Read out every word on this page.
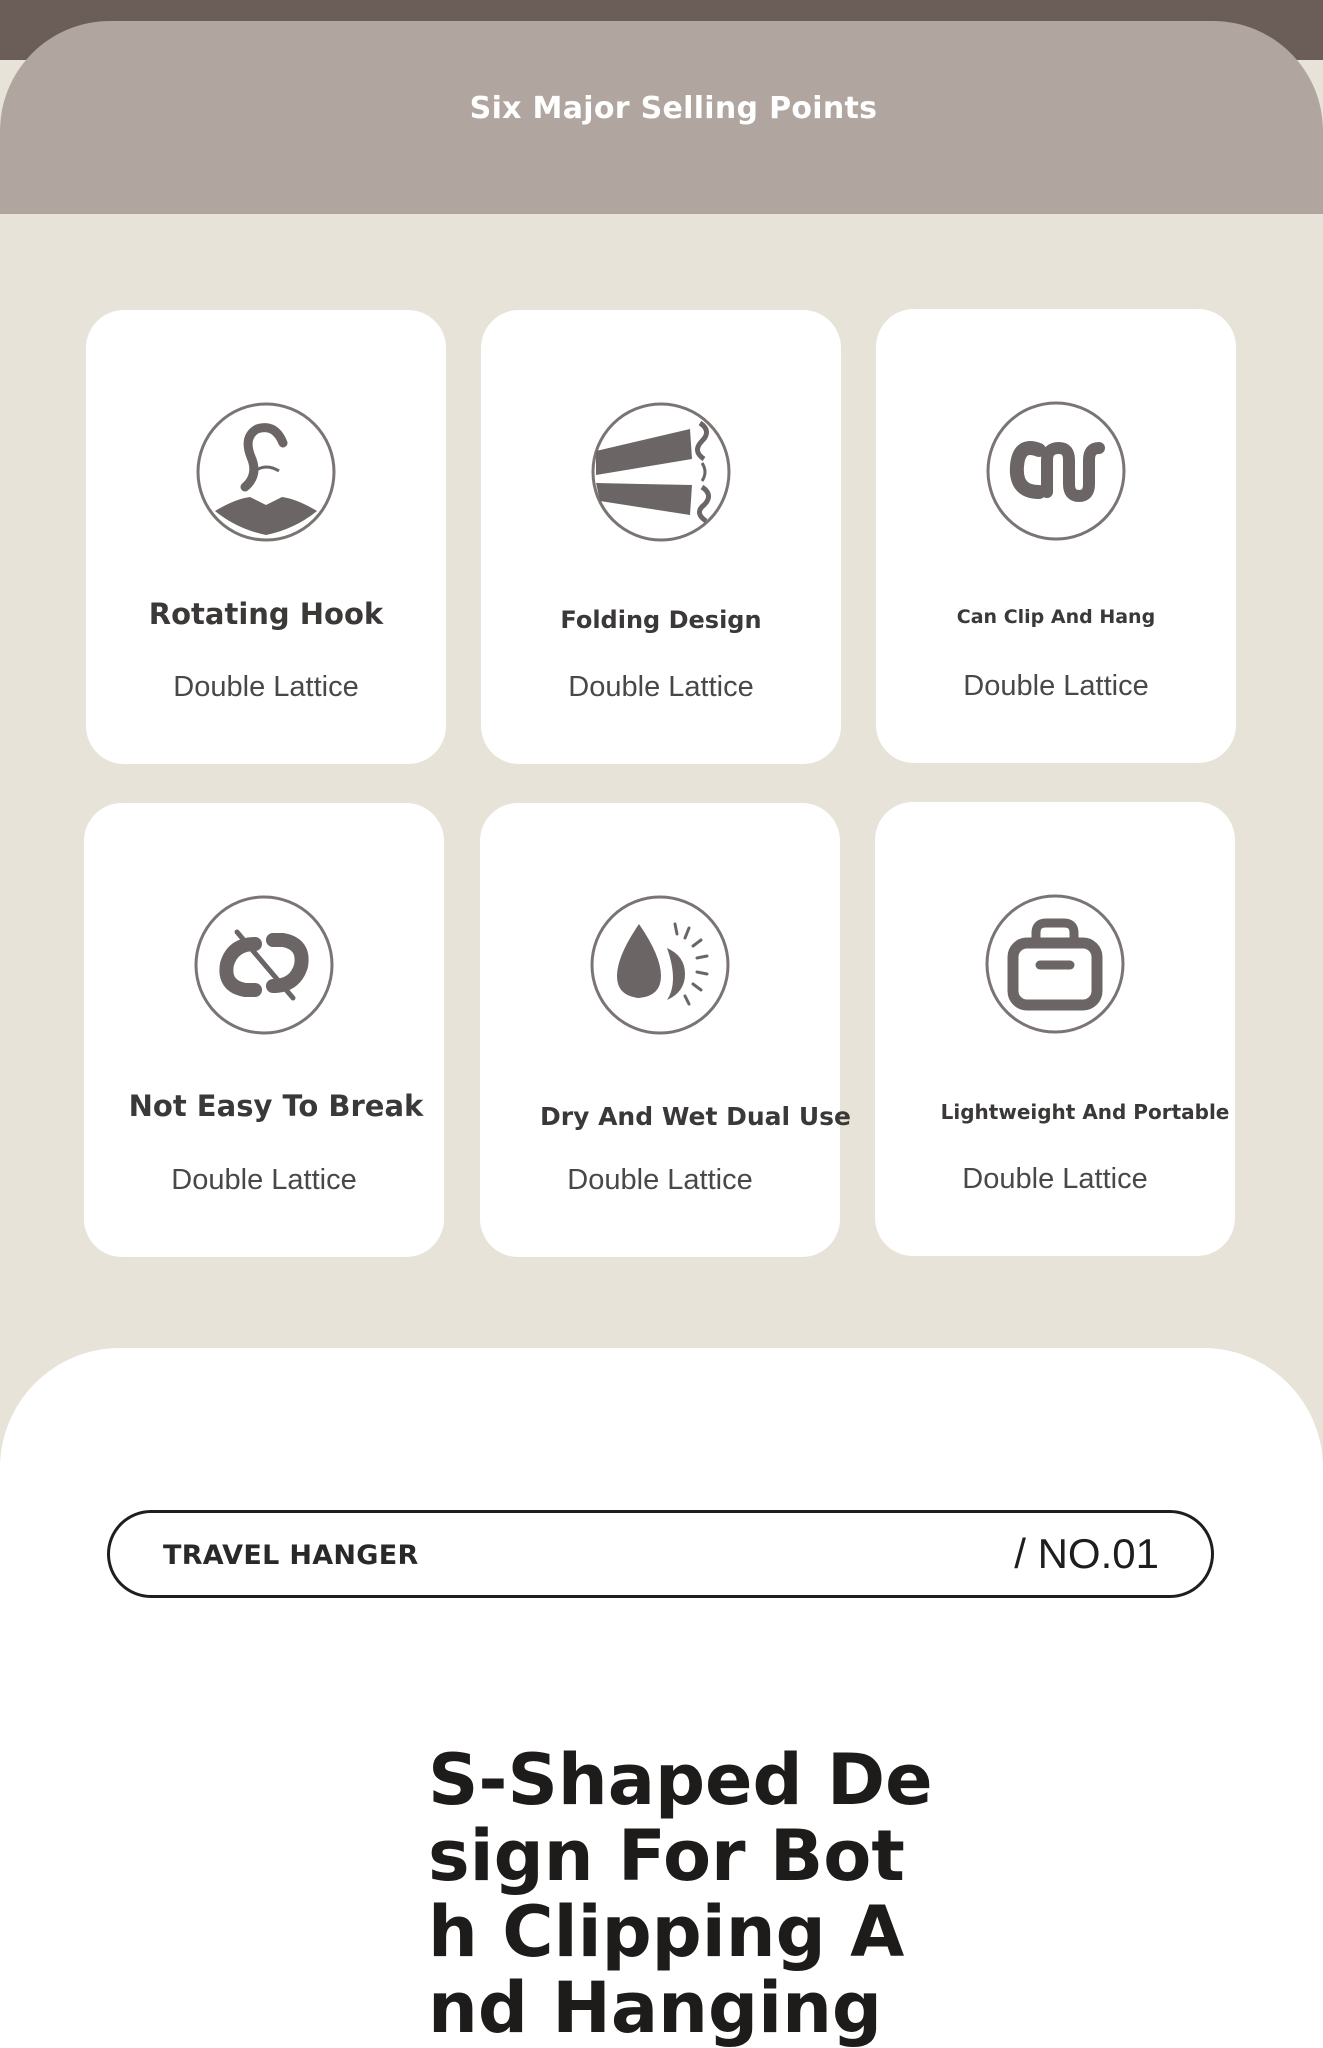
Six Major Selling Points
Rotating Hook
Double Lattice
Folding Design
Double Lattice
Can Clip And Hang
Double Lattice
Not Easy To Break
Double Lattice
Dry And Wet Dual Use
Double Lattice
Lightweight And Portable
Double Lattice
TRAVEL HANGER	/ NO.01
S-Shaped Design For Both Clipping And Hanging
